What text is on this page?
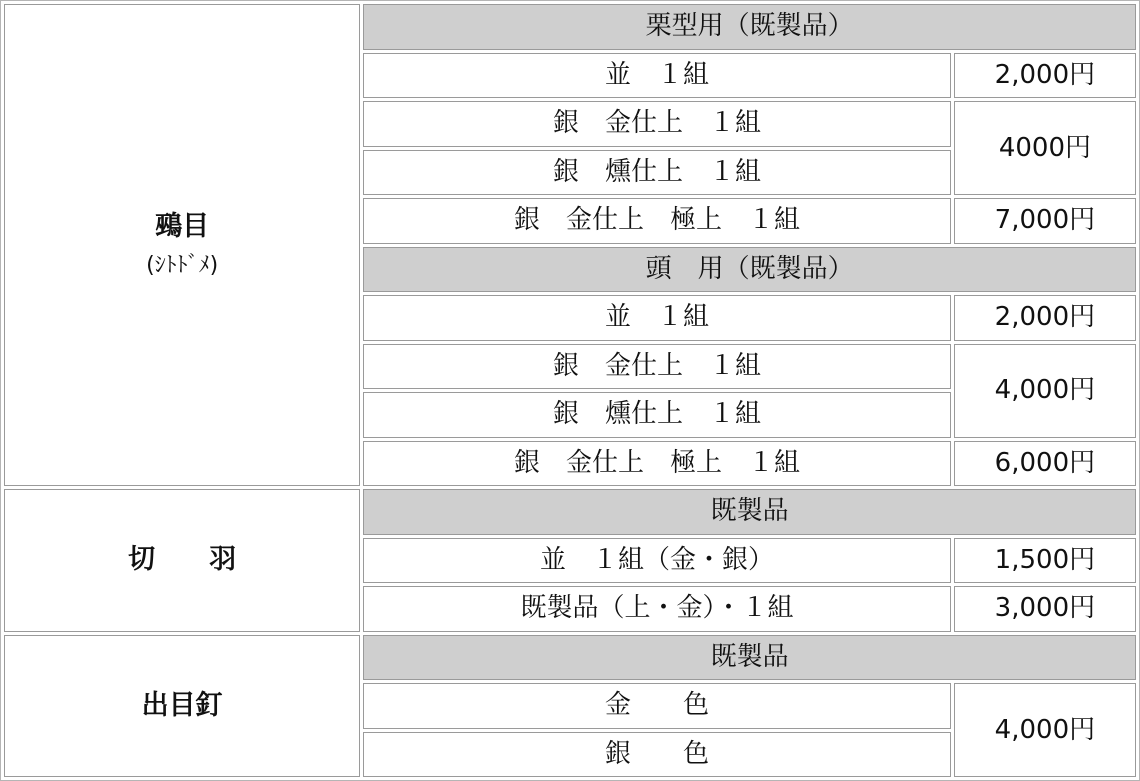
鵐目
(ｼﾄﾄﾞﾒ)	栗型用（既製品）	
	並　１組	2,000円
	銀　金仕上　１組	4000円
	銀　燻仕上　１組	
	銀　金仕上　極上　１組	7,000円
	頭　用（既製品）	
	並　１組	2,000円
	銀　金仕上　１組	4,000円
	銀　燻仕上　１組	
	銀　金仕上　極上　１組	6,000円
切　　羽	既製品	
	並　１組（金・銀）	1,500円
	既製品（上・金）・１組	3,000円
出目釘	既製品	
	金　　色	4,000円
	銀　　色	
